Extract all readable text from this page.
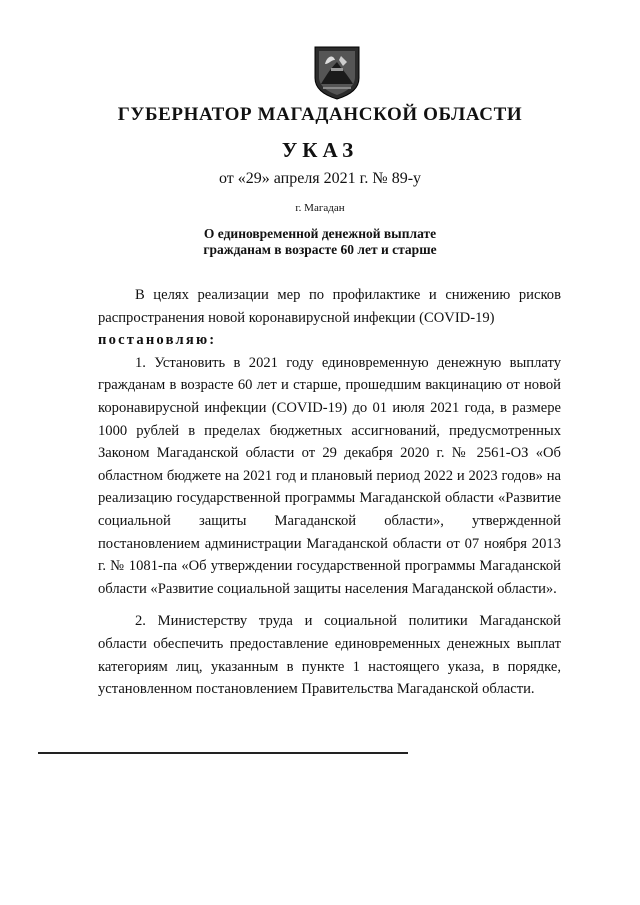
ГУБЕРНАТОР МАГАДАНСКОЙ ОБЛАСТИ
УКАЗ
от «29» апреля 2021 г. № 89-у
г. Магадан
О единовременной денежной выплате
гражданам в возрасте 60 лет и старше

В целях реализации мер по профилактике и снижению рисков распространения новой коронавирусной инфекции (COVID-19)

постановляю:

1. Установить в 2021 году единовременную денежную выплату гражданам в возрасте 60 лет и старше, прошедшим вакцинацию от новой коронавирусной инфекции (COVID-19) до 01 июля 2021 года, в размере 1000 рублей в пределах бюджетных ассигнований, предусмотренных Законом Магаданской области от 29 декабря 2020 г. № 2561-ОЗ «Об областном бюджете на 2021 год и плановый период 2022 и 2023 годов» на реализацию государственной программы Магаданской области «Развитие социальной защиты Магаданской области», утвержденной постановлением администрации Магаданской области от 07 ноября 2013 г. № 1081-па «Об утверждении государственной программы Магаданской области «Развитие социальной защиты населения Магаданской области».

2. Министерству труда и социальной политики Магаданской области обеспечить предоставление единовременных денежных выплат категориям лиц, указанным в пункте 1 настоящего указа, в порядке, установленном постановлением Правительства Магаданской области.
